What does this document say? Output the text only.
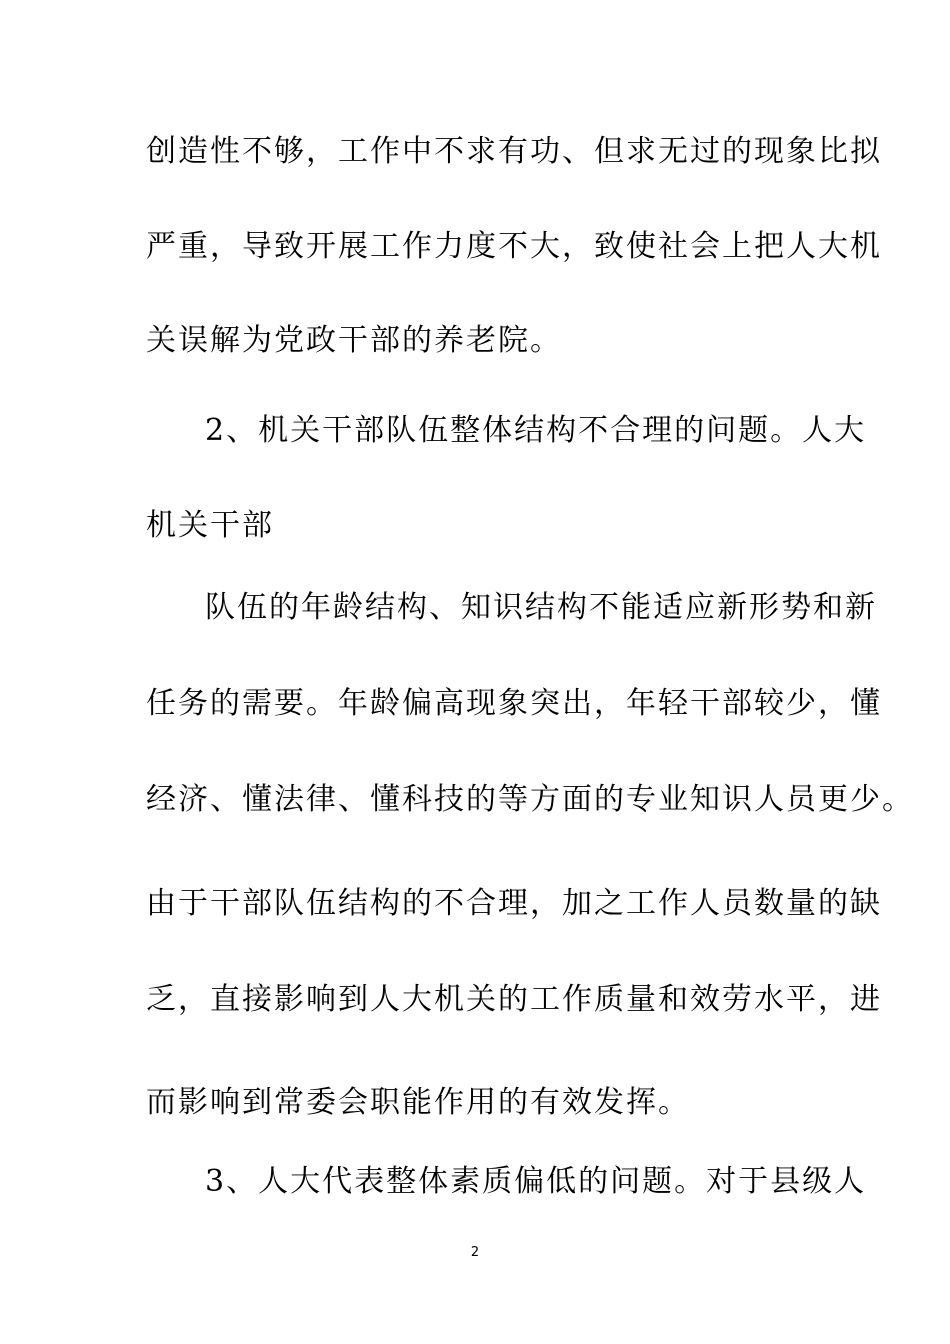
创造性不够，工作中不求有功、但求无过的现象比拟
严重，导致开展工作力度不大，致使社会上把人大机
关误解为党政干部的养老院。
2、机关干部队伍整体结构不合理的问题。人大
机关干部
队伍的年龄结构、知识结构不能适应新形势和新
任务的需要。年龄偏高现象突出，年轻干部较少，懂
经济、懂法律、懂科技的等方面的专业知识人员更少。
由于干部队伍结构的不合理，加之工作人员数量的缺
乏，直接影响到人大机关的工作质量和效劳水平，进
而影响到常委会职能作用的有效发挥。
3、人大代表整体素质偏低的问题。对于县级人
2
